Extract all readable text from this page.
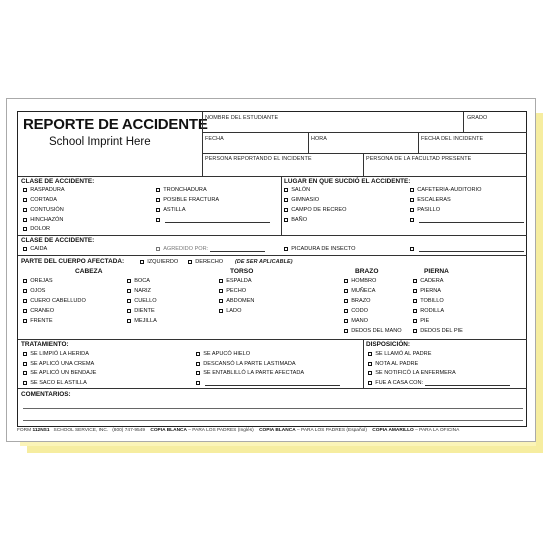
REPORTE DE ACCIDENTE
School Imprint Here
NOMBRE DEL ESTUDIANTE	GRADO
FECHA	HORA	FECHA DEL INCIDENTE
PERSONA REPORTANDO EL INCIDENTE	PERSONA DE LA FACULTAD PRESENTE
CLASE DE ACCIDENTE:	LUGAR EN QUE SUCDIÓ EL ACCIDENTE:
RASPADURA
CORTADA
CONTUSIÓN
HINCHAZÓN
DOLOR
TRONCHADURA
POSIBLE FRACTURA
ASTILLA
SALÓN
GIMNASIO
CAMPO DE RECREO
BAÑO
CAFETERIA-AUDITORIO
ESCALERAS
PASILLO
CLASE DE ACCIDENTE:
CAIDA	AGREDIDO POR:	PICADURA DE INSECTO
PARTE DEL CUERPO AFECTADA:	IZQUIERDO	DERECHO (DE SER APLICABLE)
CABEZA	TORSO	BRAZO	PIERNA
OREJAS
OJOS
CUERO CABELLUDO
CRANEO
FRENTE
BOCA
NARIZ
CUELLO
DIENTE
MEJILLA
ESPALDA
PECHO
ABDOMEN
LADO
HOMBRO
MUÑECA
BRAZO
CODO
MANO
DEDOS DEL MANO
CADERA
PIERNA
TOBILLO
RODILLA
PIE
DEDOS DEL PIE
TRATAMIENTO:	DISPOSICIÓN:
SE LIMPIÓ LA HERIDA
SE APLICÓ UNA CREMA
SE APLICÓ UN BENDAJE
SE SACO EL ASTILLA
SE APUCÓ HIELO
DESCANSÓ LA PARTE LASTIMADA
SE ENTABLILLÓ LA PARTE AFECTADA
SE LLAMÓ AL PADRE
NOTA AL PADRE
SE NOTIFICÓ LA ENFERMERA
FUE A CASA CON:
COMENTARIOS:
FORM 112NS1 SCHOOL SERVICE, INC. (800) 747-9549 COPIA BLANCA – PARA LOS PADRES (Inglés) COPIA BLANCA – PARA LOS PADRES (Español) COPIA AMARILLO – PARA LA OFICINA
